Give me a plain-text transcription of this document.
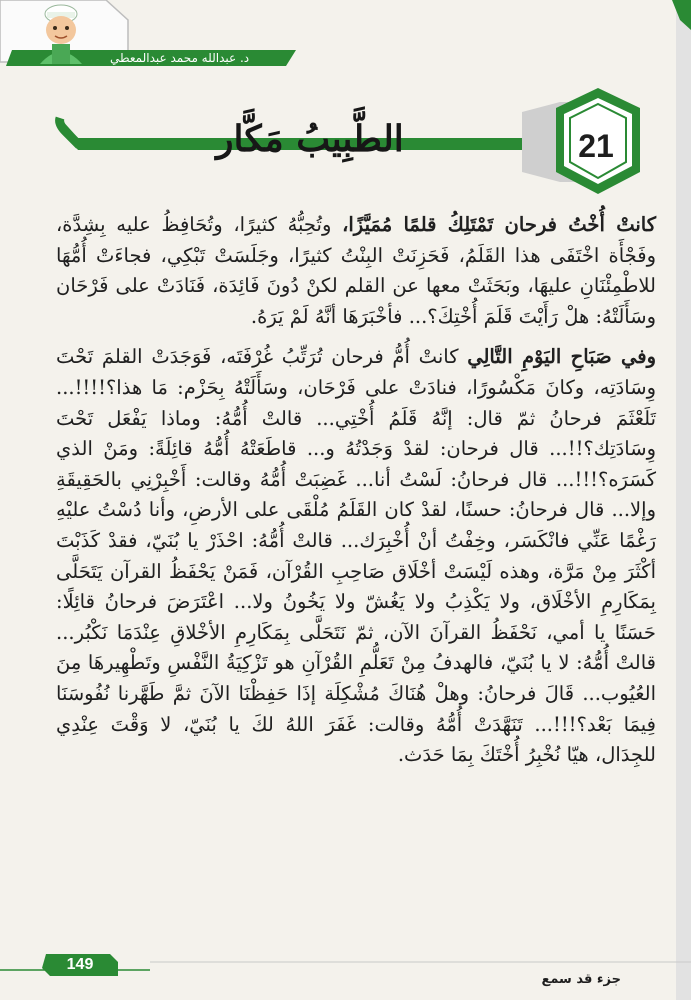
د. عبدالله محمد عبدالمعطي
21
الطَّبِيبُ مَكَّار

كانتْ أُخْتُ فرحان تَمْتَلِكُ قلمًا مُمَيَّزًا، وتُحِبُّهُ كثيرًا، وتُحَافِظُ عليه بِشِدَّة، وفَجْأَة اخْتَفَى هذا القَلَمُ، فَحَزِنَتْ البِنْتُ كثيرًا، وجَلَسَتْ تَبْكِي، فجاءَتْ أُمُّهَا للاطْمِئْنَانِ عليهَا، وبَحَثَتْ معها عن القلم لكنْ دُونَ فَائِدَة، فَنَادَتْ على فَرْحَان وسَأَلَتْهُ: هلْ رَأَيْتَ قَلَمَ أُخْتِكَ؟... فأخْبَرَهَا أنَّهُ لَمْ يَرَهُ.

وفي صَبَاحِ اليَوْمِ التَّالِي كانتْ أُمُّ فرحان تُرَتِّبُ غُرْفَتَه، فَوَجَدَتْ القلمَ تَحْتَ وِسَادَتِه، وكانَ مَكْسُورًا، فنادَتْ على فَرْحَان، وسَأَلَتْهُ بِحَزْم: مَا هذا؟!!!!... تَلَعْثَمَ فرحانُ ثمّ قال: إنَّهُ قَلَمُ أُخْتِي... قالتْ أُمُّهُ: وماذا يَفْعَل تَحْتَ وِسَادَتِك؟!!... قال فرحان: لقدْ وَجَدْتُهُ و... قاطَعَتْهُ أُمُّهُ قائِلَةً: ومَنْ الذي كَسَرَه؟!!!... قال فرحانُ: لَسْتُ أنا... غَضِبَتْ أُمُّهُ وقالت: أَخْبِرْنِي بالحَقِيقَةِ وإلا... قال فرحانُ: حسنًا، لقدْ كان القَلَمُ مُلْقَى على الأرضِ، وأنا دُسْتُ عليْهِ رَغْمًا عَنِّي فانْكَسَر، وخِفْتُ أنْ أُخْبِرَك... قالتْ أُمُّهُ: احْذَرْ يا بُنَيّ، فقدْ كَذَبْتَ أكْثَرَ مِنْ مَرَّة، وهذه لَيْسَتْ أخْلَاق صَاحِبِ القُرْآن، فَمَنْ يَحْفَظُ القرآن يَتَحَلَّى بِمَكَارِمِ الأخْلَاق، ولا يَكْذِبُ ولا يَغُشّ ولا يَخُونُ ولا... اعْتَرَضَ فرحانُ قائِلًا: حَسَنًا يا أمي، نَحْفَظُ القرآنَ الآن، ثمّ نَتَحَلَّى بِمَكَارِمِ الأخْلاقِ عِنْدَمَا نَكْبُر... قالتْ أُمُّهُ: لا يا بُنَيّ، فالهدفُ مِنْ تَعَلُّمِ القُرْآنِ هو تَزْكِيَةُ النَّفْسِ وتَطْهِيرهَا مِنَ العُيُوب... قَالَ فرحانُ: وهلْ هُنَاكَ مُشْكِلَة إذَا حَفِظْنَا الآنَ ثمَّ طَهَّرنا نُفُوسَنَا فِيمَا بَعْد؟!!!... تَنَهَّدَتْ أُمُّهُ وقالت: غَفَرَ اللهُ لكَ يا بُنَيّ، لا وَقْتَ عِنْدِي للجِدَال، هيّا نُخْبِرُ أُخْتَكَ بِمَا حَدَث.

149
جزء قد سمع
